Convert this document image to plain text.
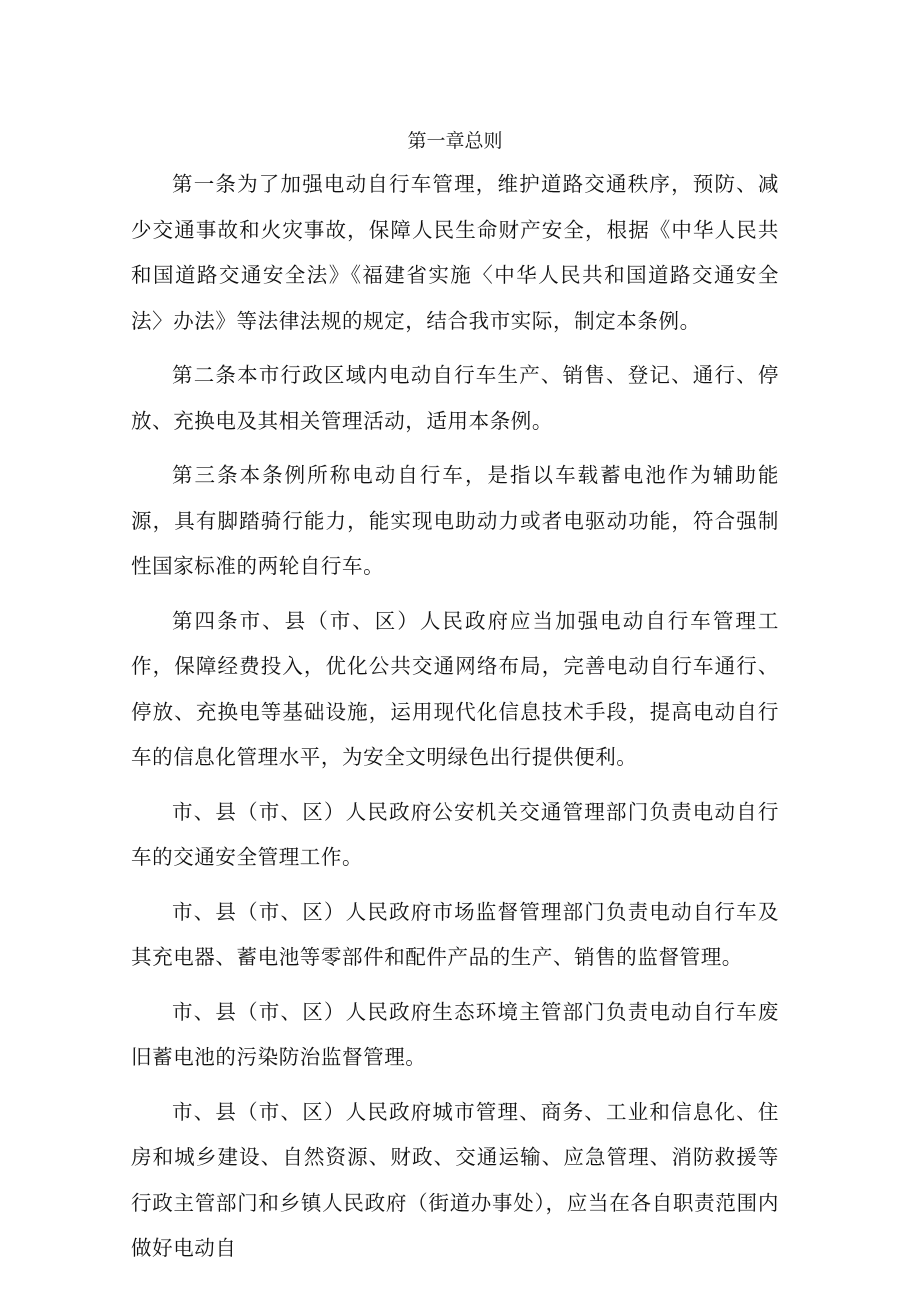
第一章总则

第一条为了加强电动自行车管理，维护道路交通秩序，预防、减少交通事故和火灾事故，保障人民生命财产安全，根据《中华人民共和国道路交通安全法》《福建省实施〈中华人民共和国道路交通安全法〉办法》等法律法规的规定，结合我市实际，制定本条例。

第二条本市行政区域内电动自行车生产、销售、登记、通行、停放、充换电及其相关管理活动，适用本条例。

第三条本条例所称电动自行车，是指以车载蓄电池作为辅助能源，具有脚踏骑行能力，能实现电助动力或者电驱动功能，符合强制性国家标准的两轮自行车。

第四条市、县（市、区）人民政府应当加强电动自行车管理工作，保障经费投入，优化公共交通网络布局，完善电动自行车通行、停放、充换电等基础设施，运用现代化信息技术手段，提高电动自行车的信息化管理水平，为安全文明绿色出行提供便利。

市、县（市、区）人民政府公安机关交通管理部门负责电动自行车的交通安全管理工作。

市、县（市、区）人民政府市场监督管理部门负责电动自行车及其充电器、蓄电池等零部件和配件产品的生产、销售的监督管理。

市、县（市、区）人民政府生态环境主管部门负责电动自行车废旧蓄电池的污染防治监督管理。

市、县（市、区）人民政府城市管理、商务、工业和信息化、住房和城乡建设、自然资源、财政、交通运输、应急管理、消防救援等行政主管部门和乡镇人民政府（街道办事处），应当在各自职责范围内做好电动自
